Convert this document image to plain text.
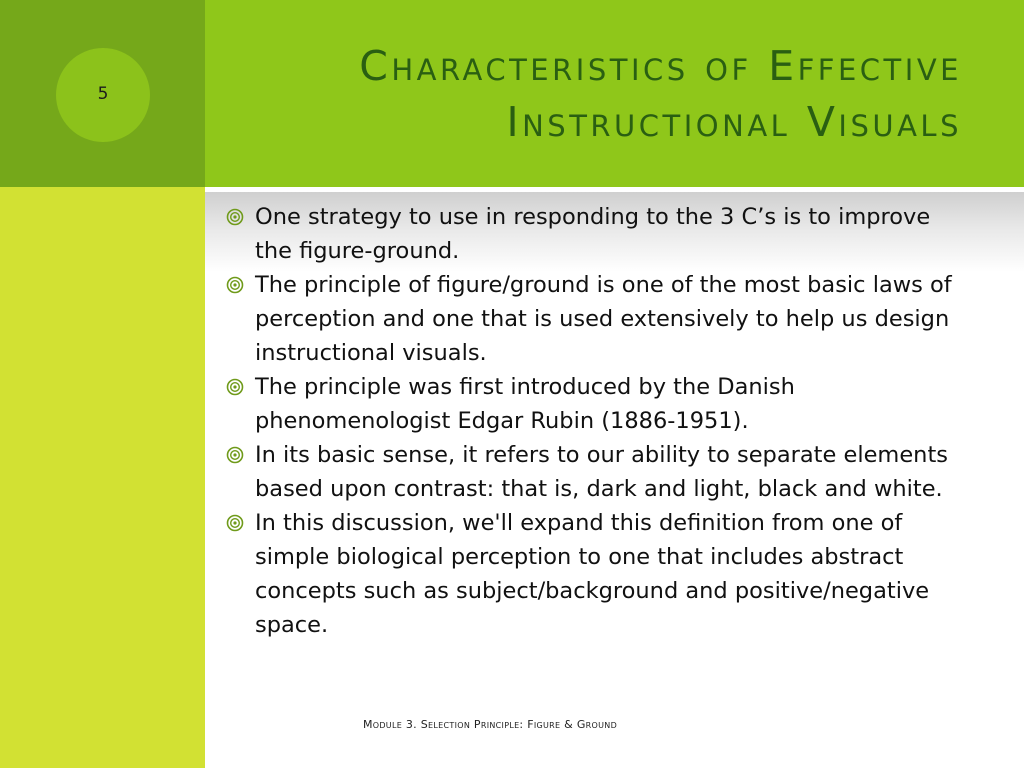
5
Characteristics of Effective
Instructional Visuals
One strategy to use in responding to the 3 C’s is to improve the figure-ground.
The principle of figure/ground is one of the most basic laws of perception and one that is used extensively to help us design instructional visuals.
The principle was first introduced by the Danish phenomenologist Edgar Rubin (1886-1951).
In its basic sense, it refers to our ability to separate elements based upon contrast: that is, dark and light, black and white.
In this discussion, we'll expand this definition from one of simple biological perception to one that includes abstract concepts such as subject/background and positive/negative space.
Module 3. Selection Principle: Figure & Ground
